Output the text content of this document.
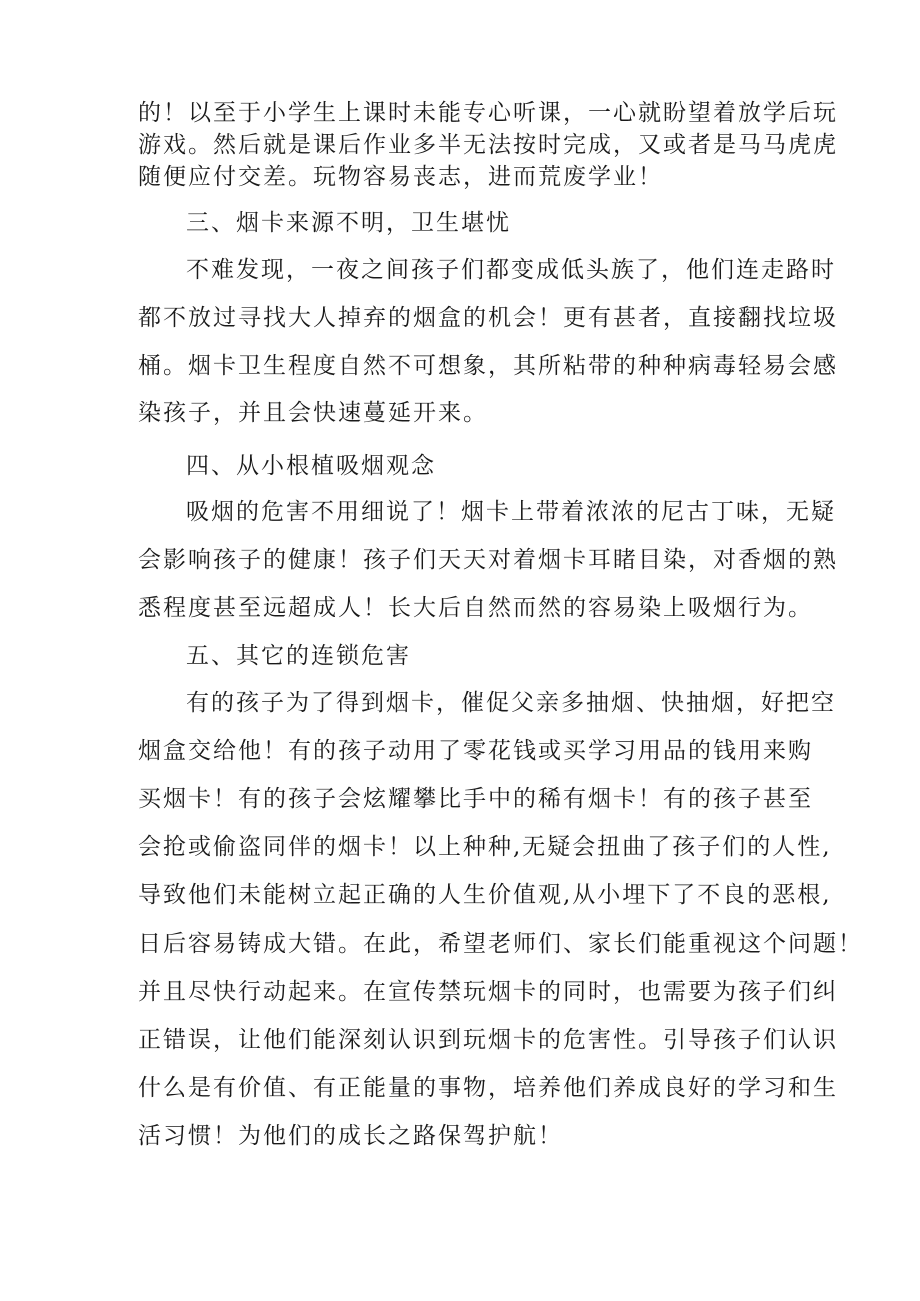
的！以至于小学生上课时未能专心听课，一心就盼望着放学后玩
游戏。然后就是课后作业多半无法按时完成，又或者是马马虎虎
随便应付交差。玩物容易丧志，进而荒废学业！
三、烟卡来源不明，卫生堪忧
不难发现，一夜之间孩子们都变成低头族了，他们连走路时
都不放过寻找大人掉弃的烟盒的机会！更有甚者，直接翻找垃圾
桶。烟卡卫生程度自然不可想象，其所粘带的种种病毒轻易会感
染孩子，并且会快速蔓延开来。
四、从小根植吸烟观念
吸烟的危害不用细说了！烟卡上带着浓浓的尼古丁味，无疑
会影响孩子的健康！孩子们天天对着烟卡耳睹目染，对香烟的熟
悉程度甚至远超成人！长大后自然而然的容易染上吸烟行为。
五、其它的连锁危害
有的孩子为了得到烟卡，催促父亲多抽烟、快抽烟，好把空
烟盒交给他！有的孩子动用了零花钱或买学习用品的钱用来购
买烟卡！有的孩子会炫耀攀比手中的稀有烟卡！有的孩子甚至
会抢或偷盗同伴的烟卡！以上种种,无疑会扭曲了孩子们的人性,
导致他们未能树立起正确的人生价值观,从小埋下了不良的恶根,
日后容易铸成大错。在此，希望老师们、家长们能重视这个问题！
并且尽快行动起来。在宣传禁玩烟卡的同时，也需要为孩子们纠
正错误，让他们能深刻认识到玩烟卡的危害性。引导孩子们认识
什么是有价值、有正能量的事物，培养他们养成良好的学习和生
活习惯！为他们的成长之路保驾护航！
